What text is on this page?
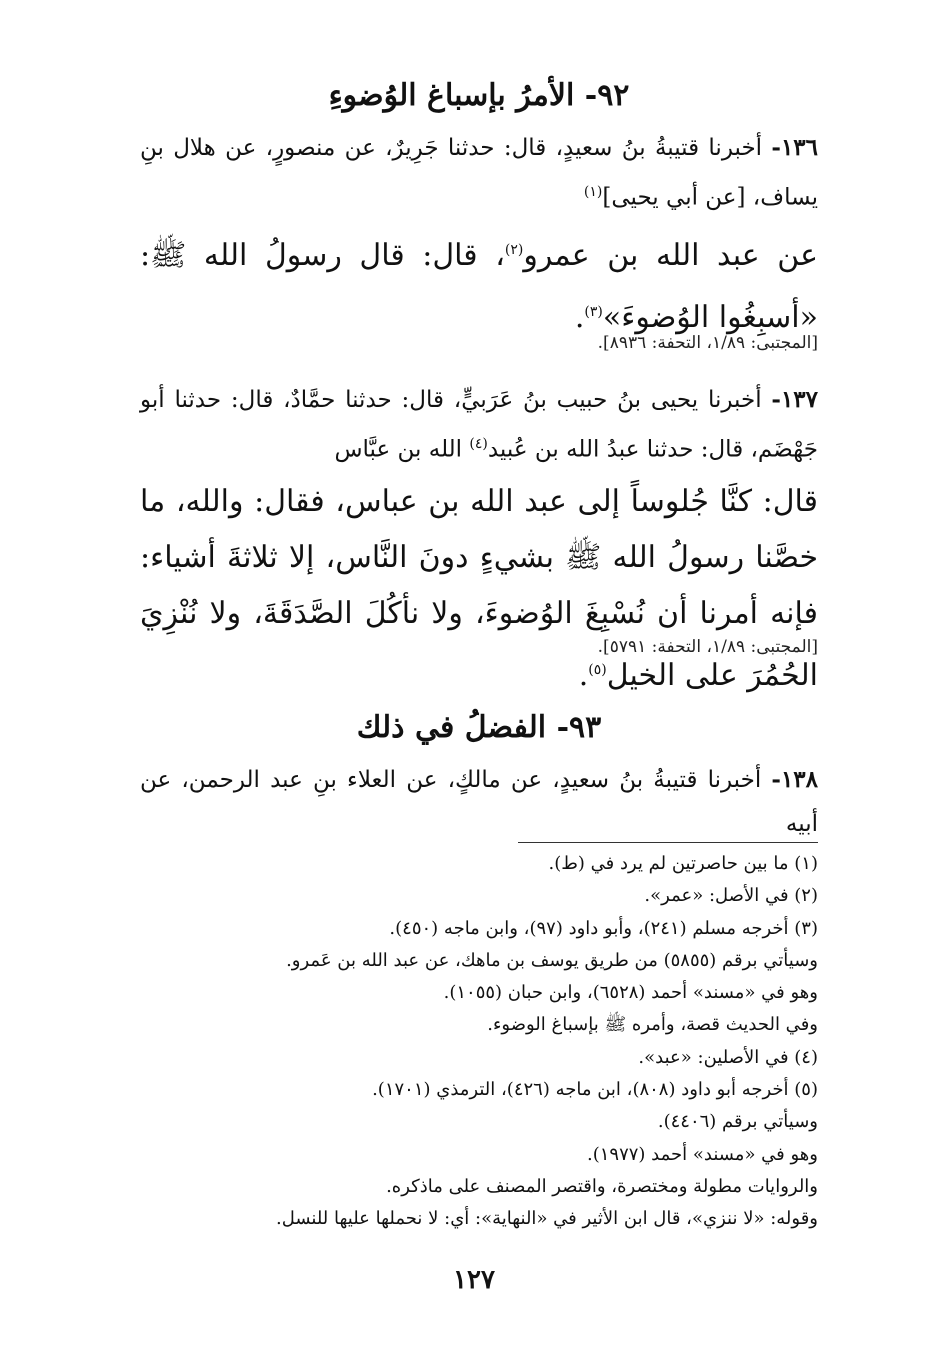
٩٢- الأمرُ بإسباغ الوُضوءِ
١٣٦- أخبرنا قتيبةُ بنُ سعيدٍ، قال: حدثنا جَرِيرٌ، عن منصورٍ، عن هلال بنِ يساف، [عن أبي يحيى]$^{(١)}$
عن عبد الله بن عمرو$^{(٢)}$، قال: قال رسولُ الله ﷺ: «أسبِغُوا الوُضوءَ»$^{(٣)}$.
[المجتبى: ١/٨٩، التحفة: ٨٩٣٦].
١٣٧- أخبرنا يحيى بنُ حبيب بنُ عَرَبيٍّ، قال: حدثنا حمَّادٌ، قال: حدثنا أبو جَهْضَم، قال: حدثنا عبدُ الله بن عُبيد$^{(٤)}$ الله بن عبَّاس
قال: كنَّا جُلوساً إلى عبد الله بن عباس، فقال: والله، ما خصَّنا رسولُ الله ﷺ بشيءٍ دونَ النَّاس، إلا ثلاثةَ أشياء: فإنه أمرنا أن نُسْبِغَ الوُضوءَ، ولا نأكُلَ الصَّدَقَةَ، ولا نُنْزِيَ الحُمُرَ على الخيل$^{(٥)}$.
[المجتبى: ١/٨٩، التحفة: ٥٧٩١].
٩٣- الفضلُ في ذلك
١٣٨- أخبرنا قتيبةُ بنُ سعيدٍ، عن مالكٍ، عن العلاء بنِ عبد الرحمن، عن أبيه
(١) ما بين حاصرتين لم يرد في (ط).
(٢) في الأصل: «عمر».
(٣) أخرجه مسلم (٢٤١)، وأبو داود (٩٧)، وابن ماجه (٤٥٠).
وسيأتي برقم (٥٨٥٥) من طريق يوسف بن ماهك، عن عبد الله بن عَمرو.
وهو في «مسند» أحمد (٦٥٢٨)، وابن حبان (١٠٥٥).
وفي الحديث قصة، وأمره ﷺ بإسباغ الوضوء.
(٤) في الأصلين: «عبد».
(٥) أخرجه أبو داود (٨٠٨)، ابن ماجه (٤٢٦)، الترمذي (١٧٠١).
وسيأتي برقم (٤٤٠٦).
وهو في «مسند» أحمد (١٩٧٧).
والروايات مطولة ومختصرة، واقتصر المصنف على ماذكره.
وقوله: «لا ننزي»، قال ابن الأثير في «النهاية»: أي: لا نحملها عليها للنسل.
١٢٧
